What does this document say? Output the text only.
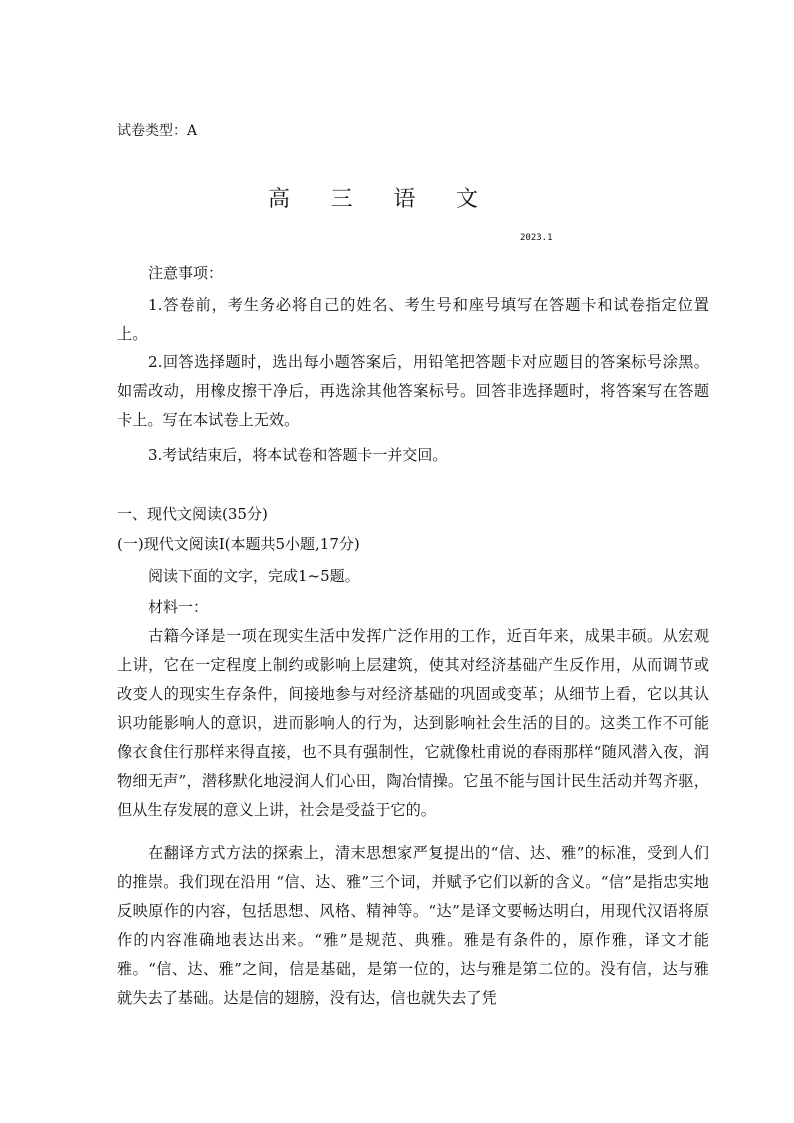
试卷类型：A
高 三 语 文
2023.1
注意事项：

1.答卷前，考生务必将自己的姓名、考生号和座号填写在答题卡和试卷指定位置上。

2.回答选择题时，选出每小题答案后，用铅笔把答题卡对应题目的答案标号涂黑。如需改动，用橡皮擦干净后，再选涂其他答案标号。回答非选择题时，将答案写在答题卡上。写在本试卷上无效。

3.考试结束后，将本试卷和答题卡一并交回。
一、现代文阅读(35分)
(一)现代文阅读Ⅰ(本题共5小题,17分)
阅读下面的文字，完成1~5题。
材料一：

古籍今译是一项在现实生活中发挥广泛作用的工作，近百年来，成果丰硕。从宏观上讲，它在一定程度上制约或影响上层建筑，使其对经济基础产生反作用，从而调节或改变人的现实生存条件，间接地参与对经济基础的巩固或变革；从细节上看，它以其认识功能影响人的意识，进而影响人的行为，达到影响社会生活的目的。这类工作不可能像衣食住行那样来得直接，也不具有强制性，它就像杜甫说的春雨那样“随风潜入夜，润物细无声”，潜移默化地浸润人们心田，陶冶情操。它虽不能与国计民生活动并驾齐驱，但从生存发展的意义上讲，社会是受益于它的。

在翻译方式方法的探索上，清末思想家严复提出的“信、达、雅”的标准，受到人们的推崇。我们现在沿用 “信、达、雅”三个词，并赋予它们以新的含义。“信”是指忠实地反映原作的内容，包括思想、风格、精神等。“达”是译文要畅达明白，用现代汉语将原作的内容准确地表达出来。“雅”是规范、典雅。雅是有条件的，原作雅，译文才能雅。“信、达、雅”之间，信是基础，是第一位的，达与雅是第二位的。没有信，达与雅就失去了基础。达是信的翅膀，没有达，信也就失去了凭
